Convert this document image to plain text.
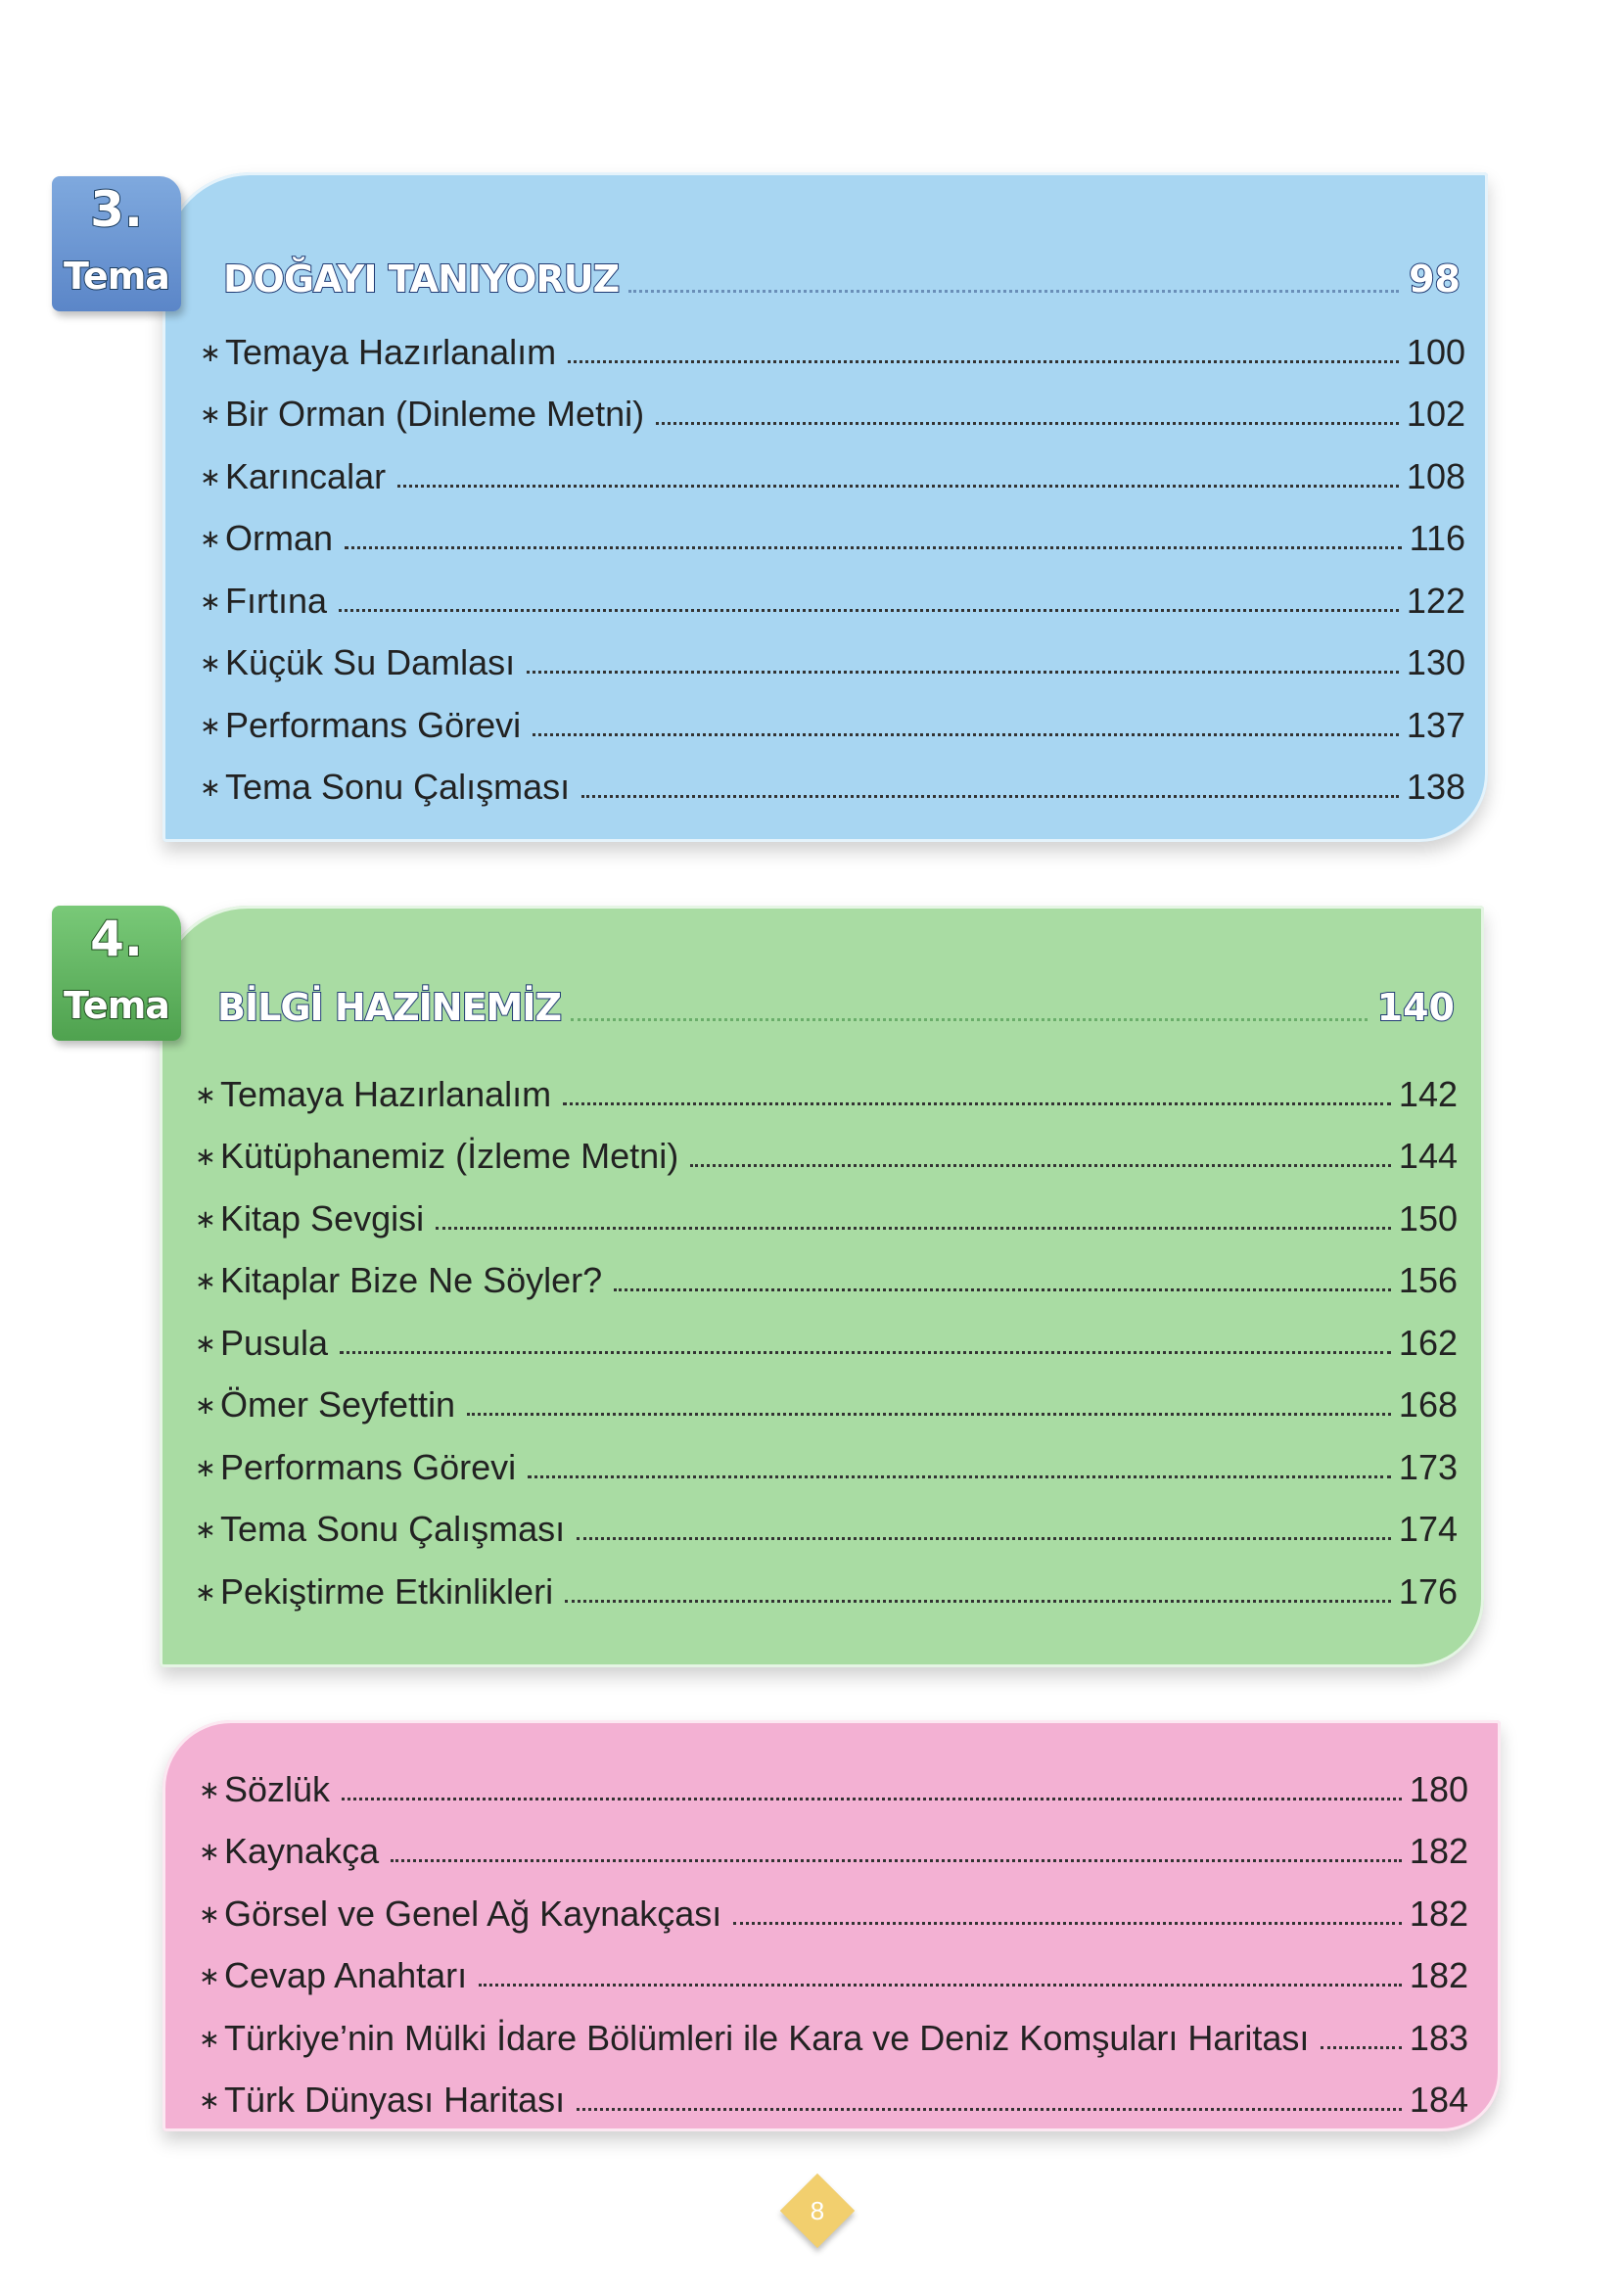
3.
Tema	DOĞAYI TANIYORUZ	98
∗ Temaya Hazırlanalım	100
∗ Bir Orman (Dinleme Metni)	102
∗ Karıncalar	108
∗ Orman	116
∗ Fırtına	122
∗ Küçük Su Damlası	130
∗ Performans Görevi	137
∗ Tema Sonu Çalışması	138
4.
Tema	BİLGİ HAZİNEMİZ	140
∗ Temaya Hazırlanalım	142
∗ Kütüphanemiz (İzleme Metni)	144
∗ Kitap Sevgisi	150
∗ Kitaplar Bize Ne Söyler?	156
∗ Pusula	162
∗ Ömer Seyfettin	168
∗ Performans Görevi	173
∗ Tema Sonu Çalışması	174
∗ Pekiştirme Etkinlikleri	176
∗ Sözlük	180
∗ Kaynakça	182
∗ Görsel ve Genel Ağ Kaynakçası	182
∗ Cevap Anahtarı	182
∗ Türkiye’nin Mülki İdare Bölümleri ile Kara ve Deniz Komşuları Haritası	183
∗ Türk Dünyası Haritası	184
8
